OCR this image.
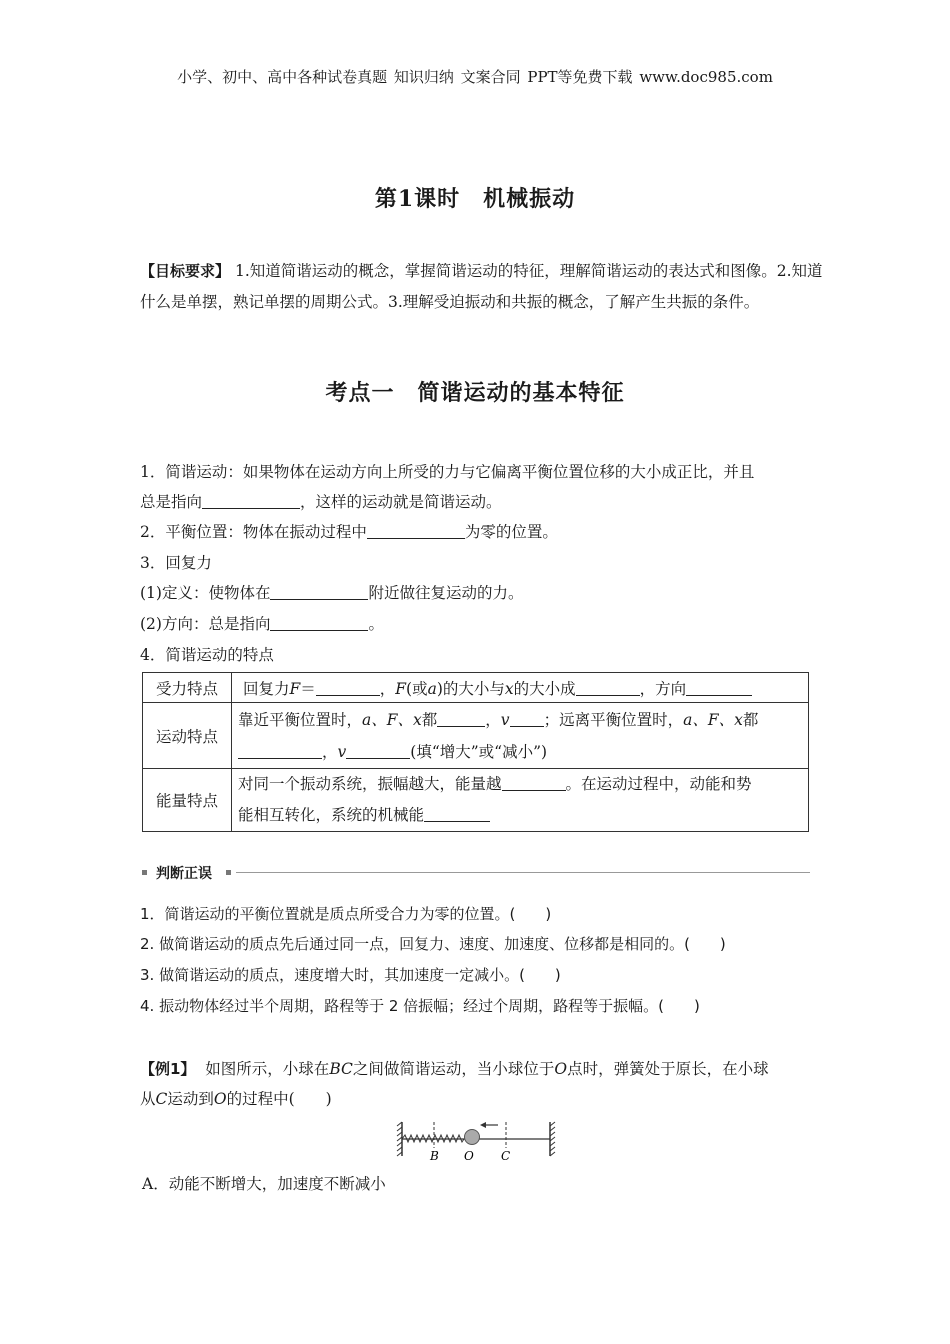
小学、初中、高中各种试卷真题 知识归纳 文案合同 PPT等免费下载 www.doc985.com
第1课时　机械振动
【目标要求】 1.知道简谐运动的概念，掌握简谐运动的特征，理解简谐运动的表达式和图像。2.知道什么是单摆，熟记单摆的周期公式。3.理解受迫振动和共振的概念，了解产生共振的条件。
考点一　简谐运动的基本特征
1．简谐运动：如果物体在运动方向上所受的力与它偏离平衡位置位移的大小成正比，并且
总是指向	，这样的运动就是简谐运动。
2．平衡位置：物体在振动过程中	为零的位置。
3．回复力
(1)定义：使物体在	附近做往复运动的力。
(2)方向：总是指向	。
4．简谐运动的特点
受力特点	回复力F＝ ，F(或a)的大小与x的大小成 ，方向
运动特点	靠近平衡位置时，a、F、x都 ，v ；远离平衡位置时，a、F、x都
，v (填“增大”或“减小”)
能量特点	对同一个振动系统，振幅越大，能量越 。在运动过程中，动能和势
能相互转化，系统的机械能
判断正误
1．简谐运动的平衡位置就是质点所受合力为零的位置。(　　)
2. 做简谐运动的质点先后通过同一点，回复力、速度、加速度、位移都是相同的。(　　)
3. 做简谐运动的质点，速度增大时，其加速度一定减小。(　　)
4. 振动物体经过半个周期，路程等于 2 倍振幅；经过个周期，路程等于振幅。(　　)
【例1】 如图所示，小球在BC之间做简谐运动，当小球位于O点时，弹簧处于原长，在小球
从C运动到O的过程中(　　)
B O C
A．动能不断增大，加速度不断减小
